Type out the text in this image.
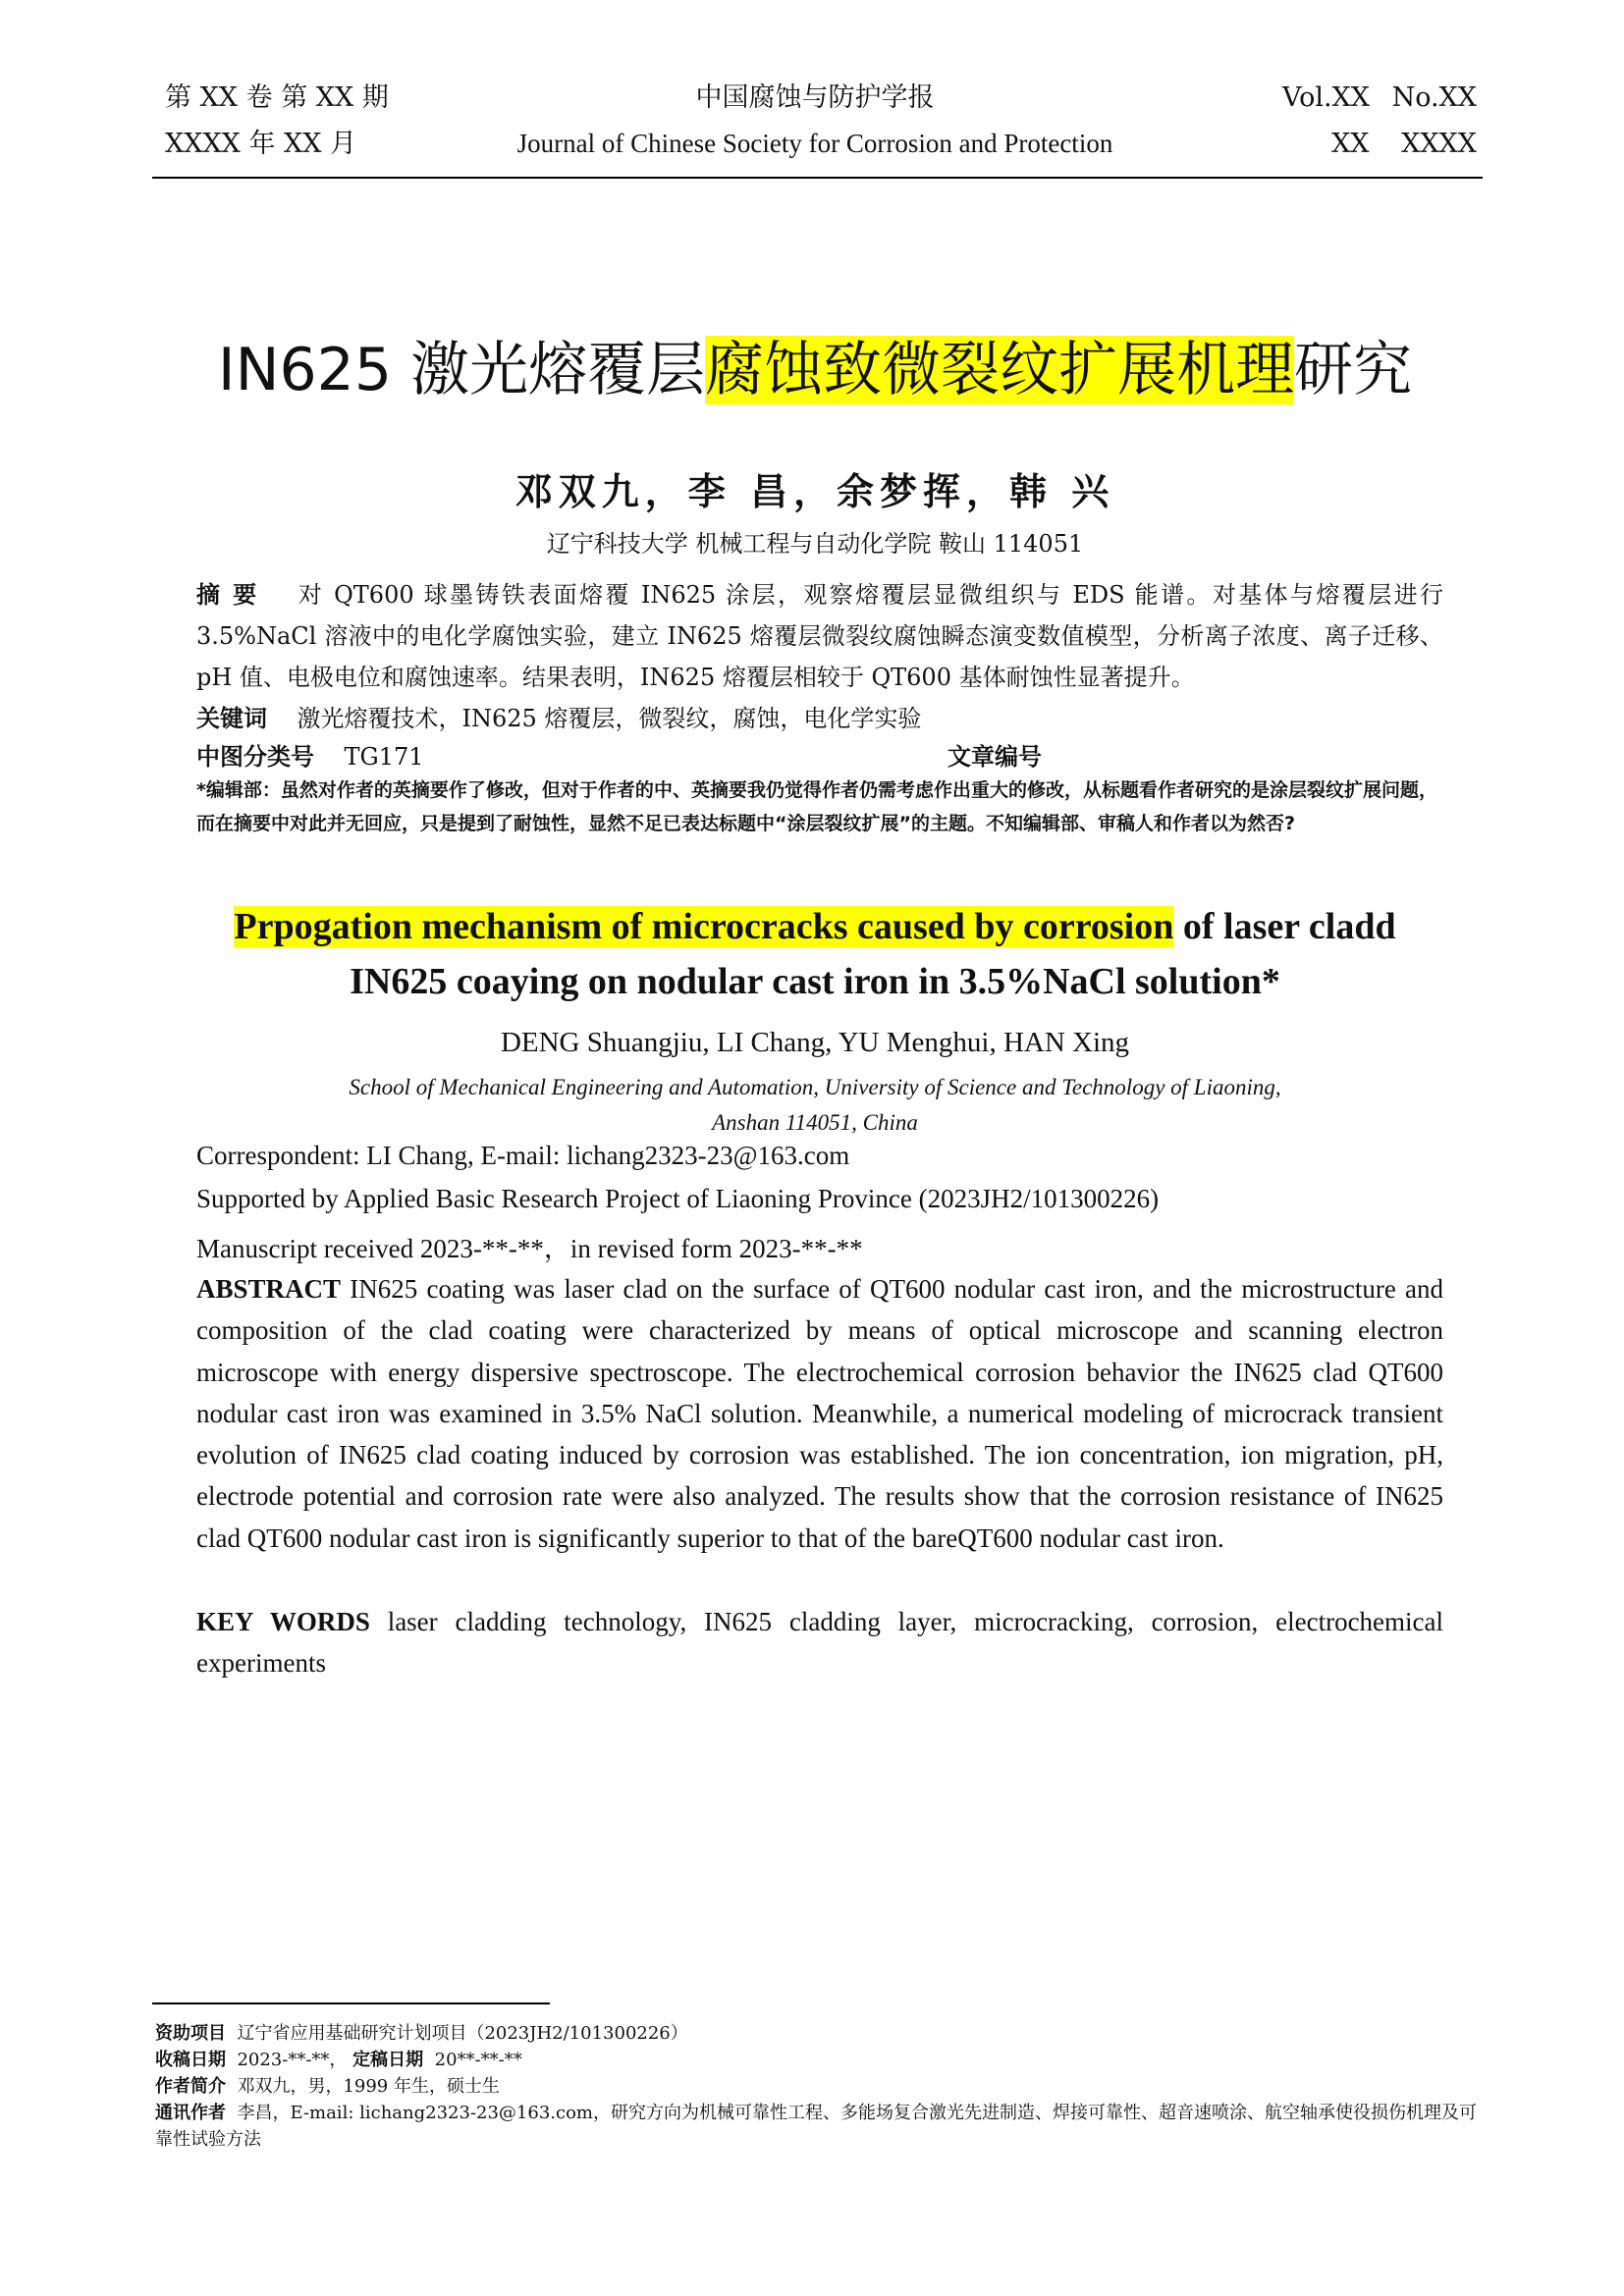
第 XX 卷 第 XX 期	中国腐蚀与防护学报	Vol.XX No.XX
XXXX 年 XX 月	Journal of Chinese Society for Corrosion and Protection	XX XXXX
IN625 激光熔覆层腐蚀致微裂纹扩展机理研究
邓双九，李 昌，余梦挥，韩 兴
辽宁科技大学 机械工程与自动化学院 鞍山 114051
摘 要 对 QT600 球墨铸铁表面熔覆 IN625 涂层，观察熔覆层显微组织与 EDS 能谱。对基体与熔覆层进行 3.5%NaCl 溶液中的电化学腐蚀实验，建立 IN625 熔覆层微裂纹腐蚀瞬态演变数值模型，分析离子浓度、离子迁移、pH 值、电极电位和腐蚀速率。结果表明，IN625 熔覆层相较于 QT600 基体耐蚀性显著提升。
关键词 激光熔覆技术，IN625 熔覆层，微裂纹，腐蚀，电化学实验
中图分类号 TG171	文章编号
*编辑部：虽然对作者的英摘要作了修改，但对于作者的中、英摘要我仍觉得作者仍需考虑作出重大的修改，从标题看作者研究的是涂层裂纹扩展问题，而在摘要中对此并无回应，只是提到了耐蚀性，显然不足已表达标题中“涂层裂纹扩展”的主题。不知编辑部、审稿人和作者以为然否?
Prpogation mechanism of microcracks caused by corrosion of laser cladd
IN625 coaying on nodular cast iron in 3.5%NaCl solution*
DENG Shuangjiu, LI Chang, YU Menghui, HAN Xing
School of Mechanical Engineering and Automation, University of Science and Technology of Liaoning,
Anshan 114051, China
Correspondent: LI Chang, E-mail: lichang2323-23@163.com
Supported by Applied Basic Research Project of Liaoning Province (2023JH2/101300226)
Manuscript received 2023-**-**，in revised form 2023-**-**
ABSTRACT IN625 coating was laser clad on the surface of QT600 nodular cast iron, and the microstructure and composition of the clad coating were characterized by means of optical microscope and scanning electron microscope with energy dispersive spectroscope. The electrochemical corrosion behavior the IN625 clad QT600 nodular cast iron was examined in 3.5% NaCl solution. Meanwhile, a numerical modeling of microcrack transient evolution of IN625 clad coating induced by corrosion was established. The ion concentration, ion migration, pH, electrode potential and corrosion rate were also analyzed. The results show that the corrosion resistance of IN625 clad QT600 nodular cast iron is significantly superior to that of the bareQT600 nodular cast iron.
KEY WORDS laser cladding technology, IN625 cladding layer, microcracking, corrosion, electrochemical experiments
资助项目 辽宁省应用基础研究计划项目（2023JH2/101300226）
收稿日期 2023-**-**， 定稿日期 20**-**-**
作者简介 邓双九，男，1999 年生，硕士生
通讯作者 李昌，E-mail: lichang2323-23@163.com，研究方向为机械可靠性工程、多能场复合激光先进制造、焊接可靠性、超音速喷涂、航空轴承使役损伤机理及可靠性试验方法
